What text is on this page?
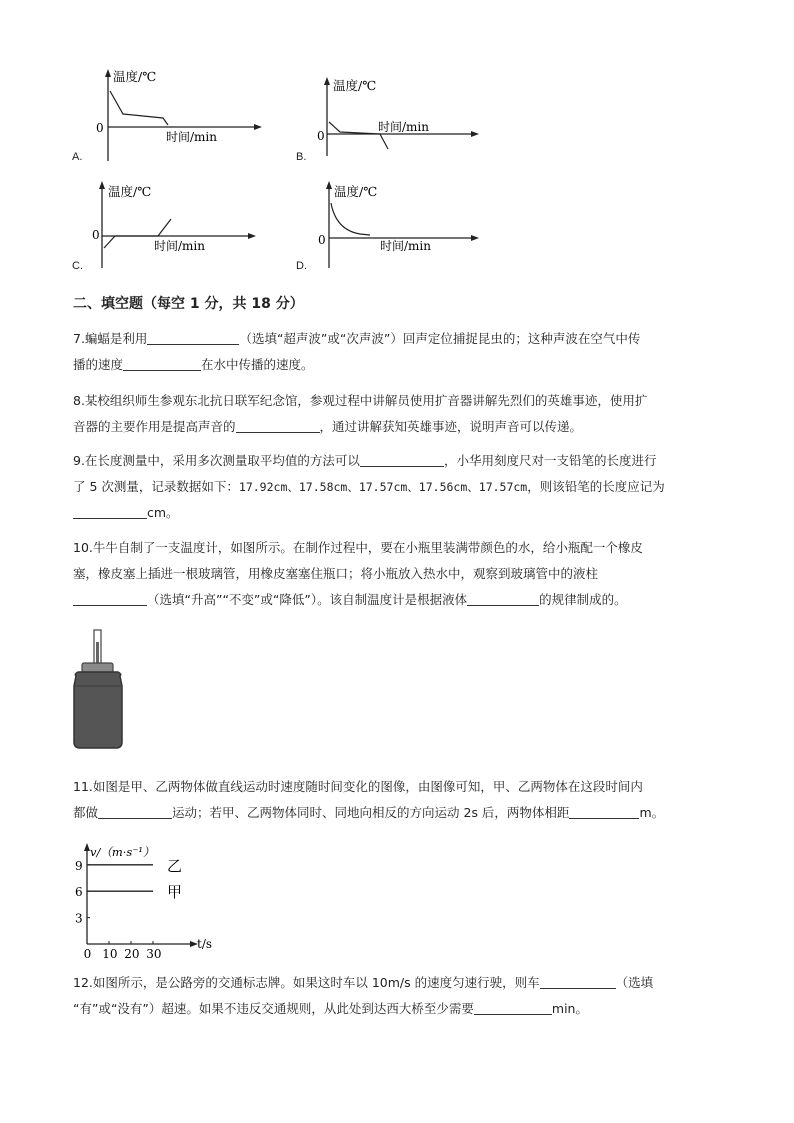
温度/℃
0
时间/min
A.
温度/℃
0
时间/min
B.
温度/℃
0
时间/min
C.
温度/℃
0	时间/min
D.
二、填空题（每空 1 分，共 18 分）

7.蝙蝠是利用	（选填“超声波”或“次声波”）回声定位捕捉昆虫的；这种声波在空气中传

播的速度	在水中传播的速度。

8.某校组织师生参观东北抗日联军纪念馆，参观过程中讲解员使用扩音器讲解先烈们的英雄事迹，使用扩

音器的主要作用是提高声音的	，通过讲解获知英雄事迹，说明声音可以传递。

9.在长度测量中，采用多次测量取平均值的方法可以	，小华用刻度尺对一支铅笔的长度进行

了 5 次测量，记录数据如下：17.92cm、17.58cm、17.57cm、17.56cm、17.57cm，则该铅笔的长度应记为

cm。

10.牛牛自制了一支温度计，如图所示。在制作过程中，要在小瓶里装满带颜色的水，给小瓶配一个橡皮

塞，橡皮塞上插进一根玻璃管，用橡皮塞塞住瓶口；将小瓶放入热水中，观察到玻璃管中的液柱

（选填“升高”“不变”或“降低”）。该自制温度计是根据液体	的规律制成的。

11.如图是甲、乙两物体做直线运动时速度随时间变化的图像，由图像可知，甲、乙两物体在这段时间内

都做	运动；若甲、乙两物体同时、同地向相反的方向运动 2s 后，两物体相距	m。

v/（m·s⁻¹）
t/s
0 10 20 30
3
6
9	乙
甲

12.如图所示，是公路旁的交通标志牌。如果这时车以 10m/s 的速度匀速行驶，则车	（选填

“有”或“没有”）超速。如果不违反交通规则，从此处到达西大桥至少需要	min。
